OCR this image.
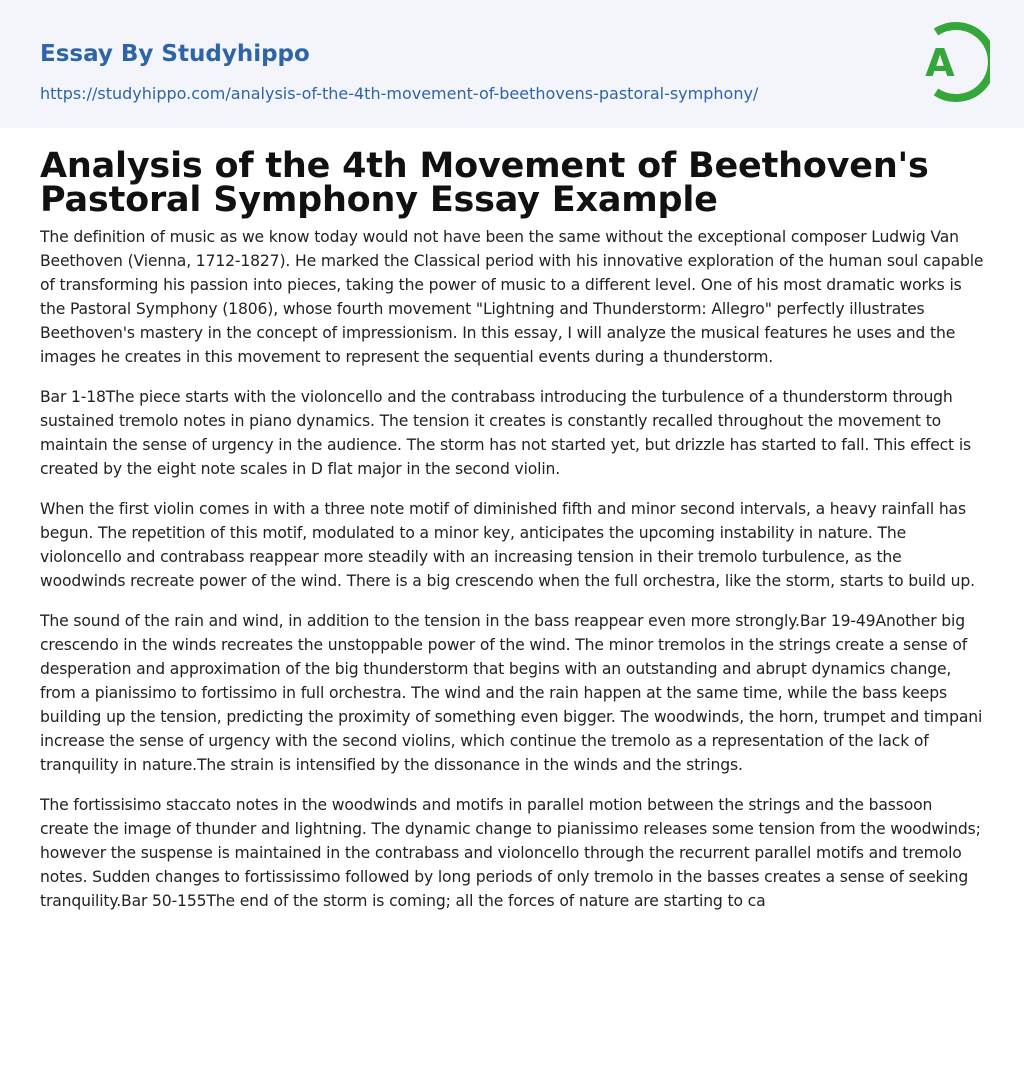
Essay By Studyhippo
https://studyhippo.com/analysis-of-the-4th-movement-of-beethovens-pastoral-symphony/
A
Analysis of the 4th Movement of Beethoven's Pastoral Symphony Essay Example

The definition of music as we know today would not have been the same without the exceptional composer Ludwig Van Beethoven (Vienna, 1712-1827). He marked the Classical period with his innovative exploration of the human soul capable of transforming his passion into pieces, taking the power of music to a different level. One of his most dramatic works is the Pastoral Symphony (1806), whose fourth movement "Lightning and Thunderstorm: Allegro" perfectly illustrates Beethoven's mastery in the concept of impressionism. In this essay, I will analyze the musical features he uses and the images he creates in this movement to represent the sequential events during a thunderstorm.

Bar 1-18The piece starts with the violoncello and the contrabass introducing the turbulence of a thunderstorm through sustained tremolo notes in piano dynamics. The tension it creates is constantly recalled throughout the movement to maintain the sense of urgency in the audience. The storm has not started yet, but drizzle has started to fall. This effect is created by the eight note scales in D flat major in the second violin.

When the first violin comes in with a three note motif of diminished fifth and minor second intervals, a heavy rainfall has begun. The repetition of this motif, modulated to a minor key, anticipates the upcoming instability in nature. The violoncello and contrabass reappear more steadily with an increasing tension in their tremolo turbulence, as the woodwinds recreate power of the wind. There is a big crescendo when the full orchestra, like the storm, starts to build up.

The sound of the rain and wind, in addition to the tension in the bass reappear even more strongly.Bar 19-49Another big crescendo in the winds recreates the unstoppable power of the wind. The minor tremolos in the strings create a sense of desperation and approximation of the big thunderstorm that begins with an outstanding and abrupt dynamics change, from a pianissimo to fortissimo in full orchestra. The wind and the rain happen at the same time, while the bass keeps building up the tension, predicting the proximity of something even bigger. The woodwinds, the horn, trumpet and timpani increase the sense of urgency with the second violins, which continue the tremolo as a representation of the lack of tranquility in nature.The strain is intensified by the dissonance in the winds and the strings.

The fortissisimo staccato notes in the woodwinds and motifs in parallel motion between the strings and the bassoon create the image of thunder and lightning. The dynamic change to pianissimo releases some tension from the woodwinds; however the suspense is maintained in the contrabass and violoncello through the recurrent parallel motifs and tremolo notes. Sudden changes to fortississimo followed by long periods of only tremolo in the basses creates a sense of seeking tranquility.Bar 50-155The end of the storm is coming; all the forces of nature are starting to ca
